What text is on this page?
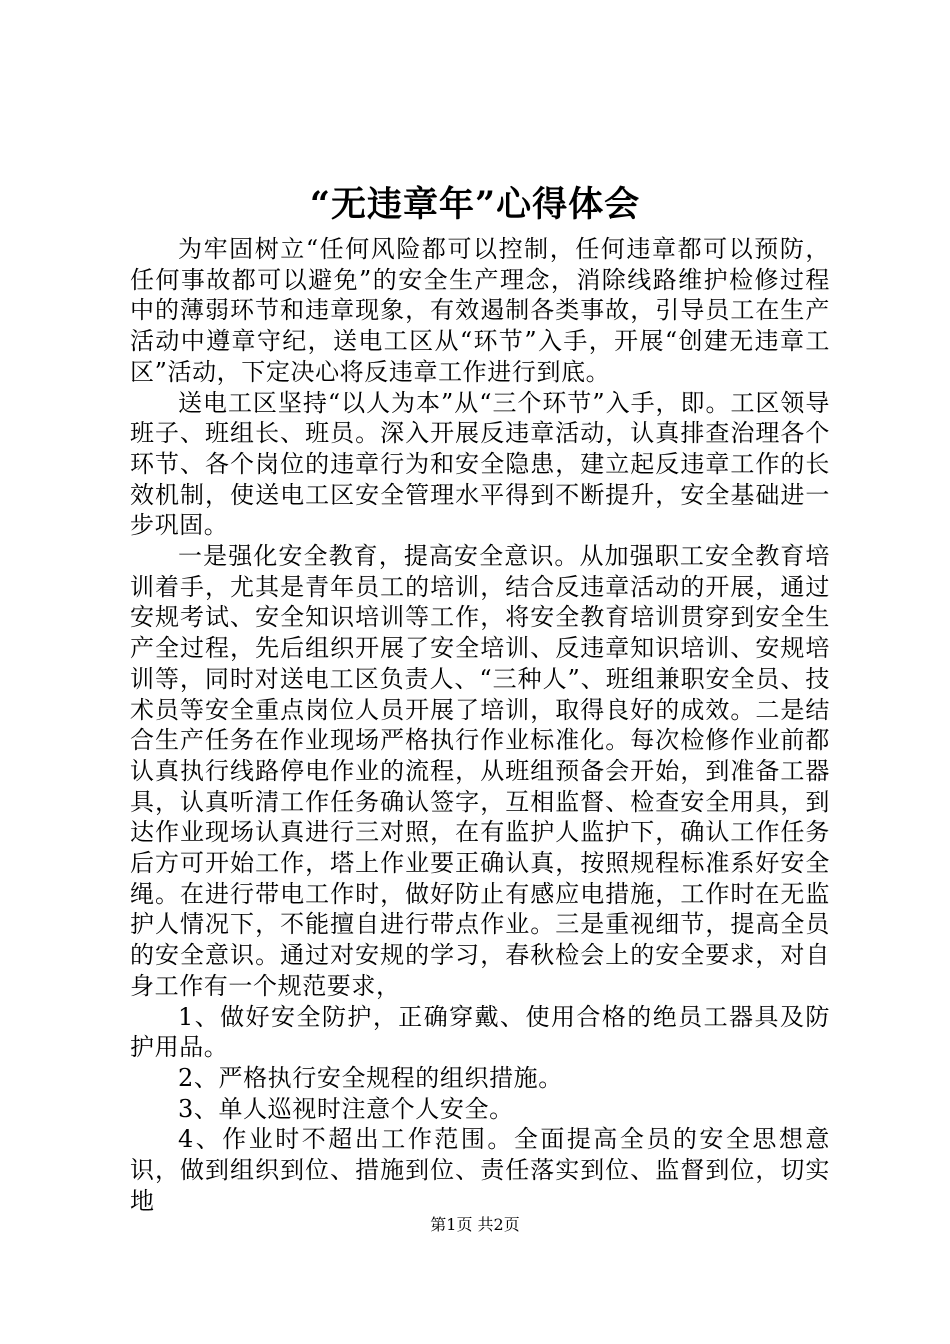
“无违章年”心得体会

为牢固树立“任何风险都可以控制，任何违章都可以预防，任何事故都可以避免”的安全生产理念，消除线路维护检修过程中的薄弱环节和违章现象，有效遏制各类事故，引导员工在生产活动中遵章守纪，送电工区从“环节”入手，开展“创建无违章工区”活动，下定决心将反违章工作进行到底。

送电工区坚持“以人为本”从“三个环节”入手，即。工区领导班子、班组长、班员。深入开展反违章活动，认真排查治理各个环节、各个岗位的违章行为和安全隐患，建立起反违章工作的长效机制，使送电工区安全管理水平得到不断提升，安全基础进一步巩固。

一是强化安全教育，提高安全意识。从加强职工安全教育培训着手，尤其是青年员工的培训，结合反违章活动的开展，通过安规考试、安全知识培训等工作，将安全教育培训贯穿到安全生产全过程，先后组织开展了安全培训、反违章知识培训、安规培训等，同时对送电工区负责人、“三种人”、班组兼职安全员、技术员等安全重点岗位人员开展了培训，取得良好的成效。二是结合生产任务在作业现场严格执行作业标准化。每次检修作业前都认真执行线路停电作业的流程，从班组预备会开始，到准备工器具，认真听清工作任务确认签字，互相监督、检查安全用具，到达作业现场认真进行三对照，在有监护人监护下，确认工作任务后方可开始工作，塔上作业要正确认真，按照规程标准系好安全绳。在进行带电工作时，做好防止有感应电措施，工作时在无监护人情况下，不能擅自进行带点作业。三是重视细节，提高全员的安全意识。通过对安规的学习，春秋检会上的安全要求，对自身工作有一个规范要求，

1、做好安全防护，正确穿戴、使用合格的绝员工器具及防护用品。

2、严格执行安全规程的组织措施。

3、单人巡视时注意个人安全。

4、作业时不超出工作范围。全面提高全员的安全思想意识，做到组织到位、措施到位、责任落实到位、监督到位，切实地

第1页 共2页
